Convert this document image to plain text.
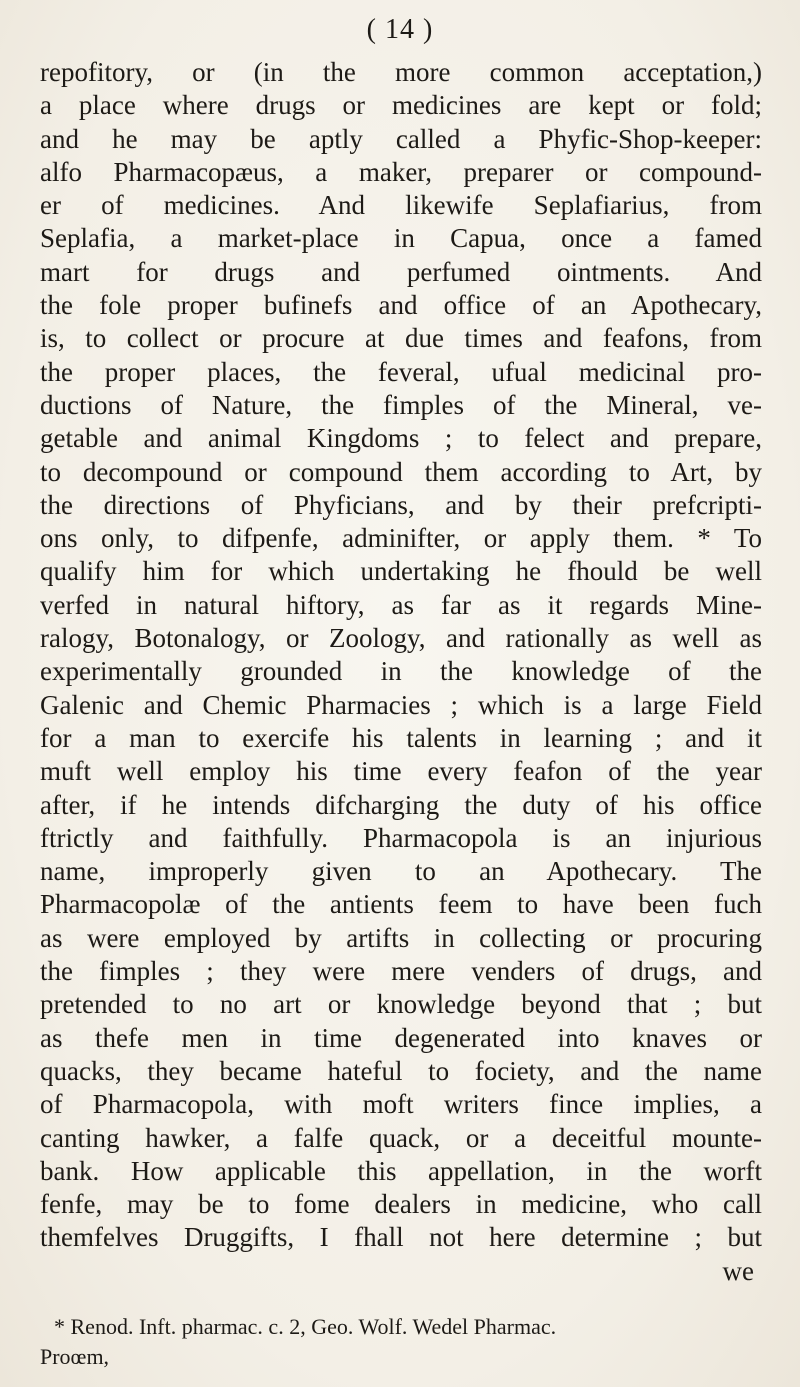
( 14 )
repofitory, or (in the more common acceptation,)
a place where drugs or medicines are kept or fold;
and he may be aptly called a Phyfic-Shop-keeper:
alfo Pharmacopæus, a maker, preparer or compound-
er of medicines. And likewife Seplafiarius, from
Seplafia, a market-place in Capua, once a famed
mart for drugs and perfumed ointments. And
the fole proper bufinefs and office of an Apothecary,
is, to collect or procure at due times and feafons, from
the proper places, the feveral, ufual medicinal pro-
ductions of Nature, the fimples of the Mineral, ve-
getable and animal Kingdoms ; to felect and prepare,
to decompound or compound them according to Art, by
the directions of Phyficians, and by their prefcripti-
ons only, to difpenfe, adminifter, or apply them. * To
qualify him for which undertaking he fhould be well
verfed in natural hiftory, as far as it regards Mine-
ralogy, Botonalogy, or Zoology, and rationally as well as
experimentally grounded in the knowledge of the
Galenic and Chemic Pharmacies ; which is a large Field
for a man to exercife his talents in learning ; and it
muft well employ his time every feafon of the year
after, if he intends difcharging the duty of his office
ftrictly and faithfully. Pharmacopola is an injurious
name, improperly given to an Apothecary. The
Pharmacopolæ of the antients feem to have been fuch
as were employed by artifts in collecting or procuring
the fimples ; they were mere venders of drugs, and
pretended to no art or knowledge beyond that ; but
as thefe men in time degenerated into knaves or
quacks, they became hateful to fociety, and the name
of Pharmacopola, with moft writers fince implies, a
canting hawker, a falfe quack, or a deceitful mounte-
bank. How applicable this appellation, in the worft
fenfe, may be to fome dealers in medicine, who call
themfelves Druggifts, I fhall not here determine ; but
we
* Renod. Inft. pharmac. c. 2, Geo. Wolf. Wedel Pharmac.
Proœm,
